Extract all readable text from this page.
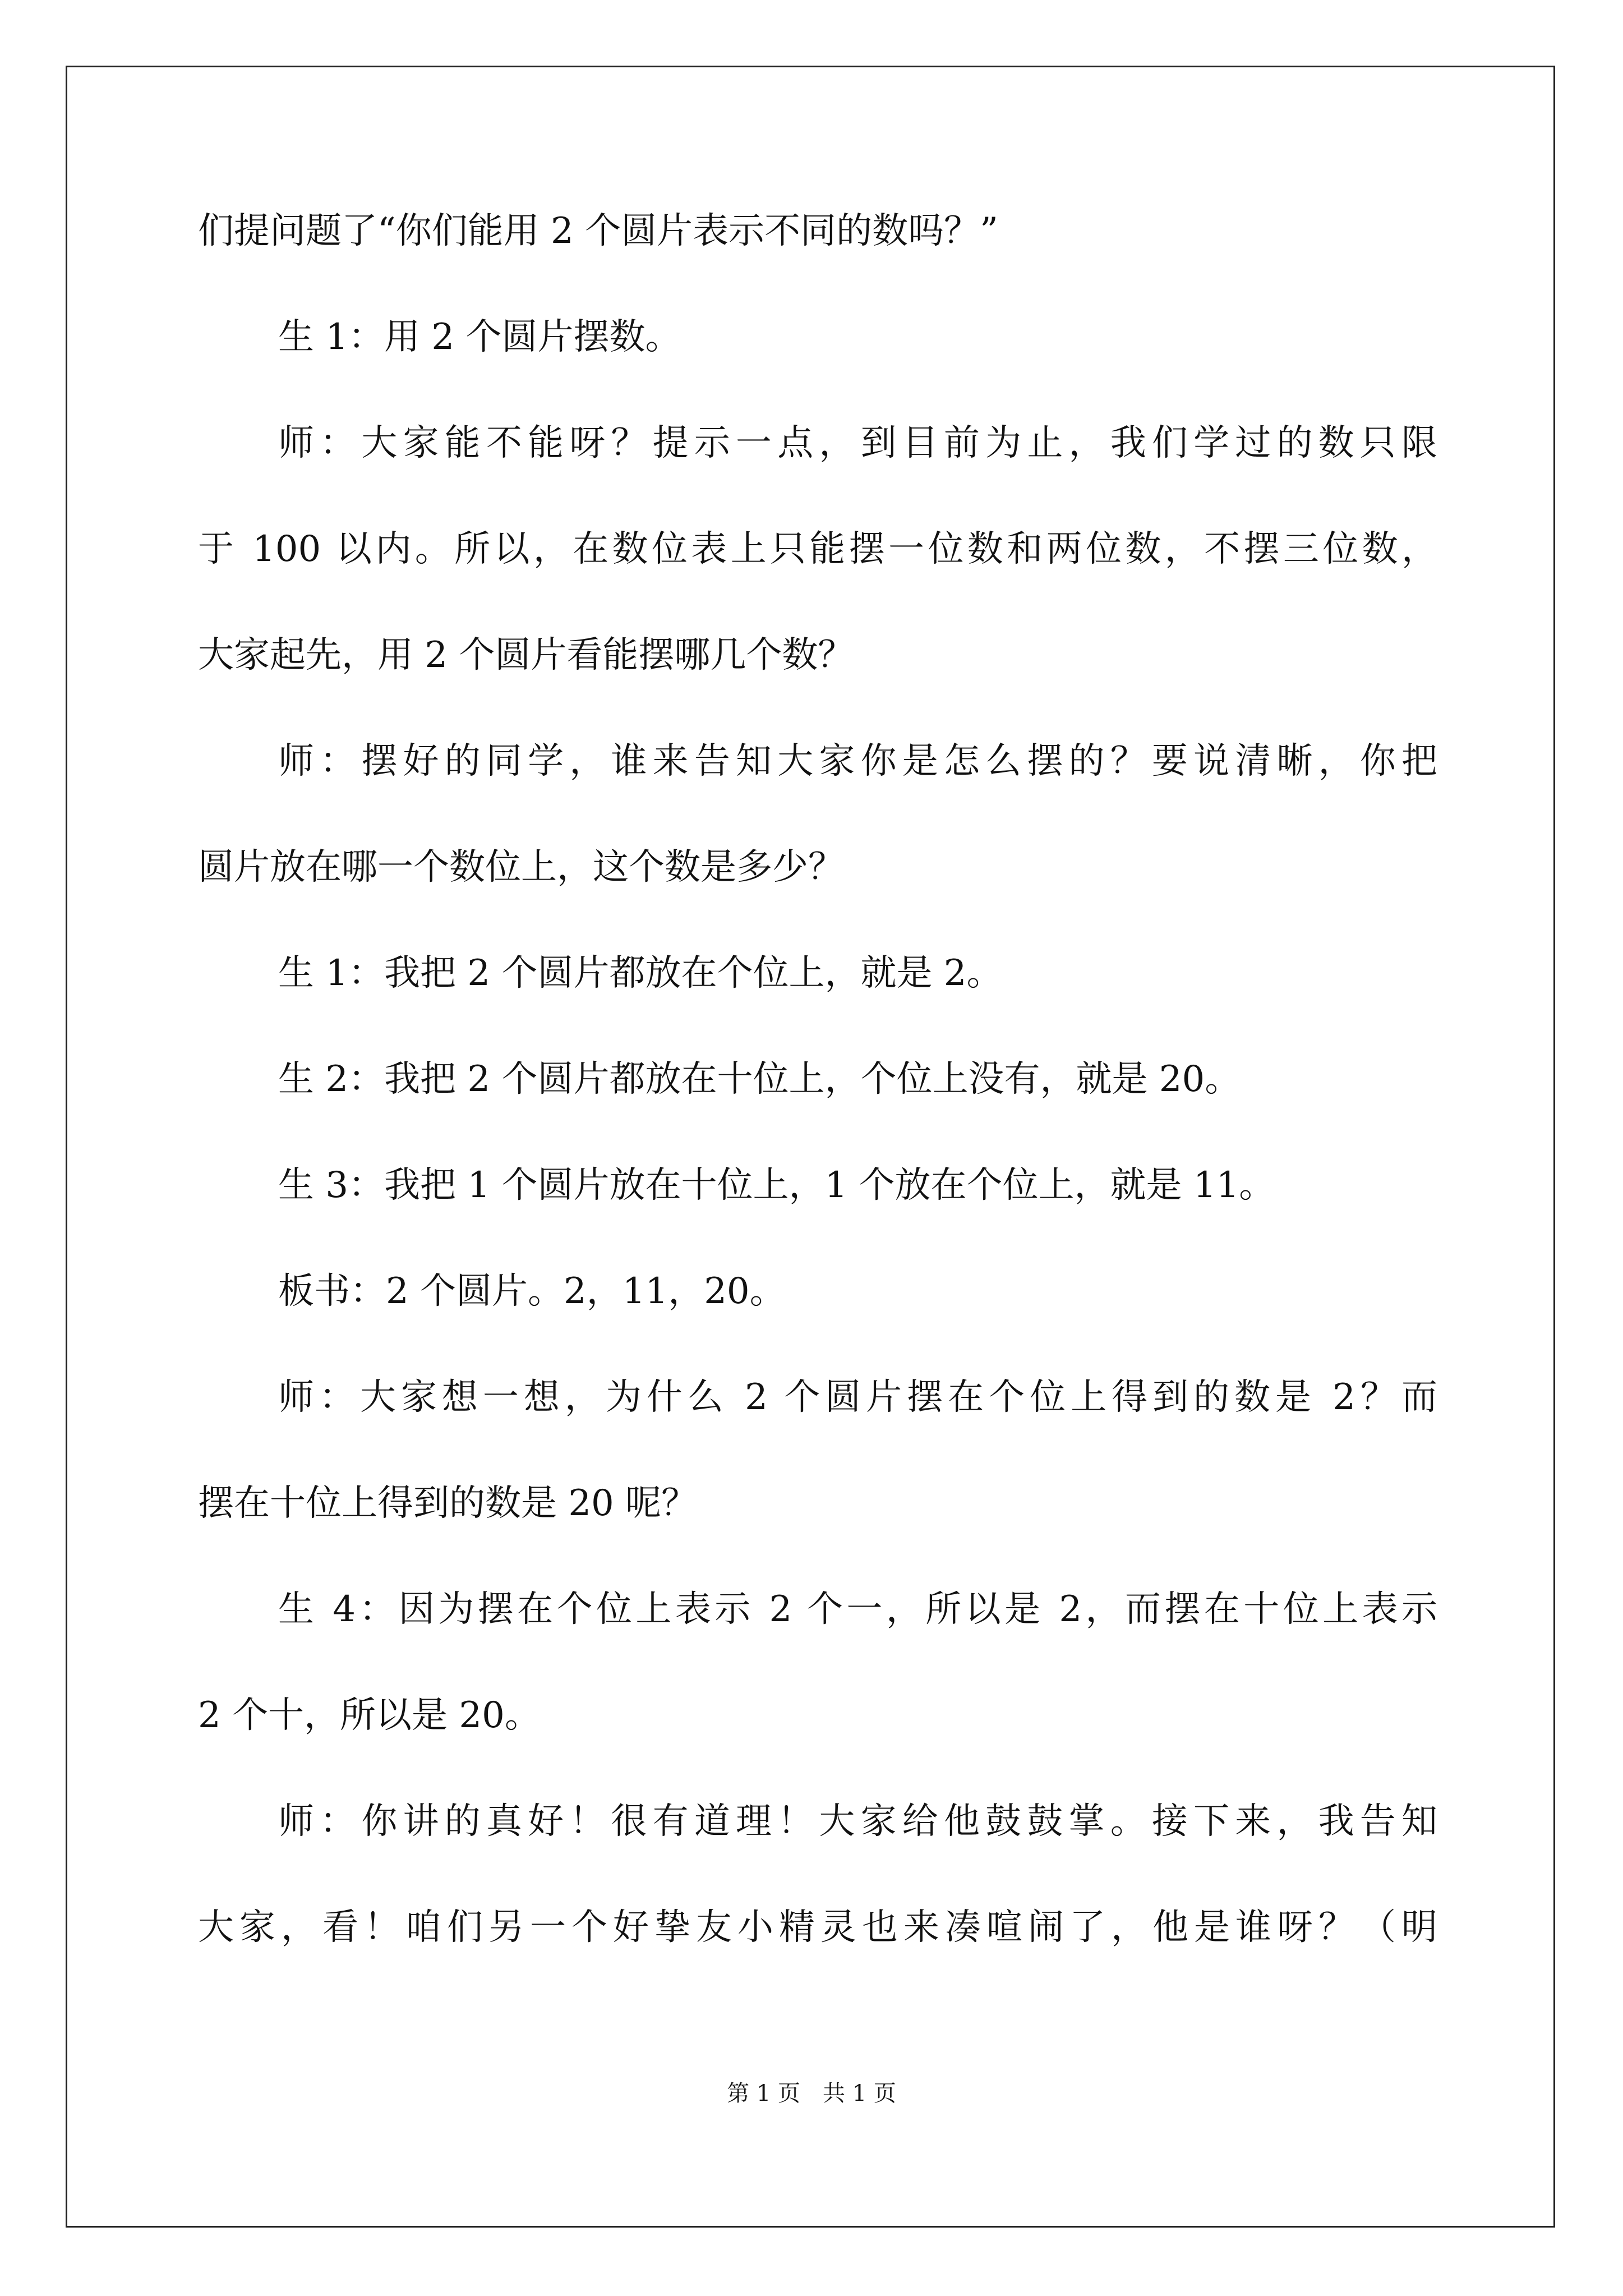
们提问题了“你们能用 2 个圆片表示不同的数吗？”
生 1：用 2 个圆片摆数。
师：大家能不能呀？提示一点，到目前为止，我们学过的数只限
于 100 以内。所以，在数位表上只能摆一位数和两位数，不摆三位数，
大家起先，用 2 个圆片看能摆哪几个数？
师：摆好的同学，谁来告知大家你是怎么摆的？要说清晰，你把
圆片放在哪一个数位上，这个数是多少？
生 1：我把 2 个圆片都放在个位上，就是 2。
生 2：我把 2 个圆片都放在十位上，个位上没有，就是 20。
生 3：我把 1 个圆片放在十位上，1 个放在个位上，就是 11。
板书：2 个圆片。2，11，20。
师：大家想一想，为什么 2 个圆片摆在个位上得到的数是 2？而
摆在十位上得到的数是 20 呢？
生 4：因为摆在个位上表示 2 个一，所以是 2，而摆在十位上表示
2 个十，所以是 20。
师：你讲的真好！很有道理！大家给他鼓鼓掌。接下来，我告知
大家，看！咱们另一个好挚友小精灵也来凑喧闹了，他是谁呀？（明
第 1 页　共 1 页
